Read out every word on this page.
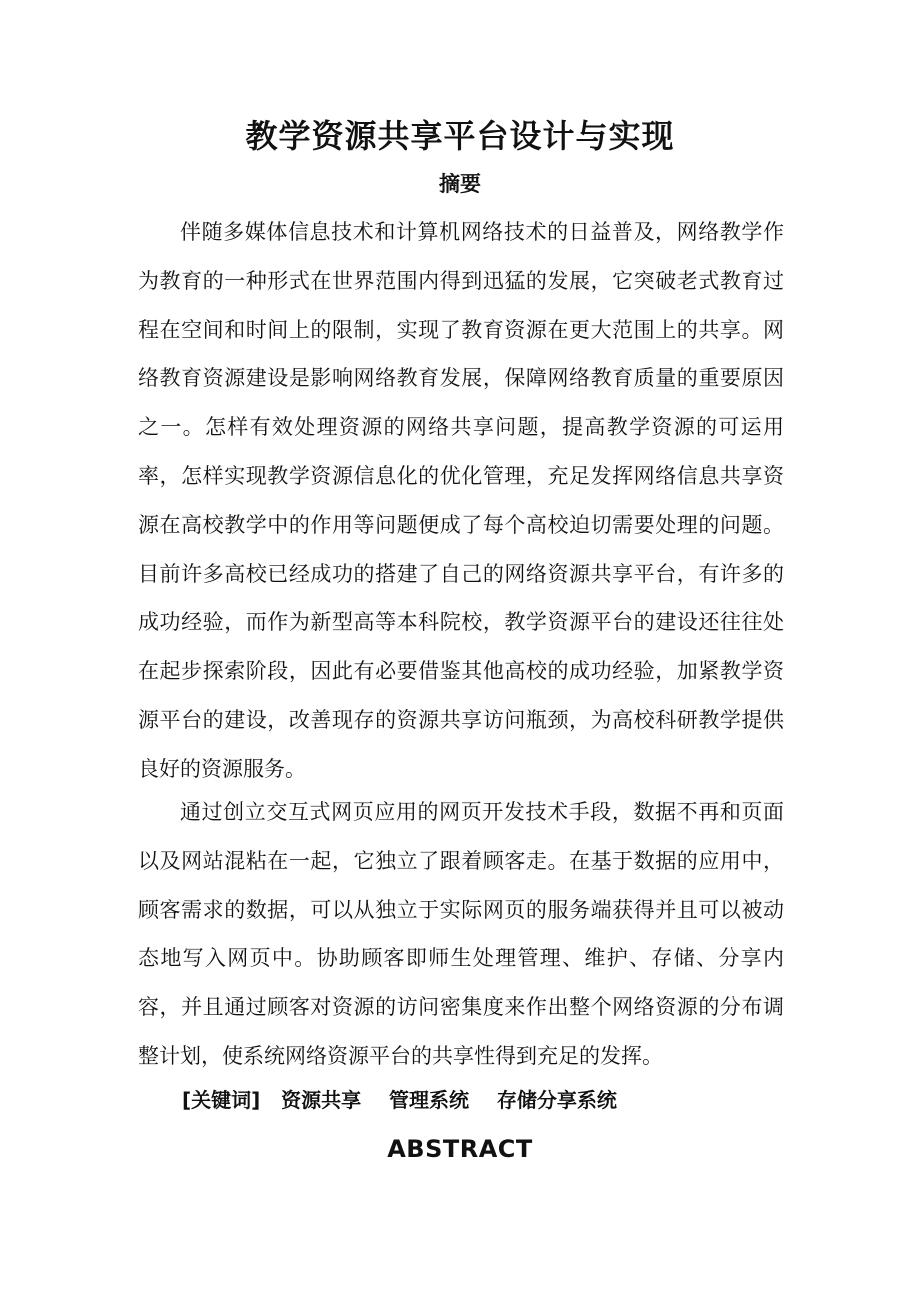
教学资源共享平台设计与实现
摘要

伴随多媒体信息技术和计算机网络技术的日益普及，网络教学作为教育的一种形式在世界范围内得到迅猛的发展，它突破老式教育过程在空间和时间上的限制，实现了教育资源在更大范围上的共享。网络教育资源建设是影响网络教育发展，保障网络教育质量的重要原因之一。怎样有效处理资源的网络共享问题，提高教学资源的可运用率，怎样实现教学资源信息化的优化管理，充足发挥网络信息共享资源在高校教学中的作用等问题便成了每个高校迫切需要处理的问题。目前许多高校已经成功的搭建了自己的网络资源共享平台，有许多的成功经验，而作为新型高等本科院校，教学资源平台的建设还往往处在起步探索阶段，因此有必要借鉴其他高校的成功经验，加紧教学资源平台的建设，改善现存的资源共享访问瓶颈，为高校科研教学提供良好的资源服务。

通过创立交互式网页应用的网页开发技术手段，数据不再和页面以及网站混粘在一起，它独立了跟着顾客走。在基于数据的应用中，顾客需求的数据，可以从独立于实际网页的服务端获得并且可以被动态地写入网页中。协助顾客即师生处理管理、维护、存储、分享内容，并且通过顾客对资源的访问密集度来作出整个网络资源的分布调整计划，使系统网络资源平台的共享性得到充足的发挥。

[关键词] 资源共享 管理系统 存储分享系统

ABSTRACT
